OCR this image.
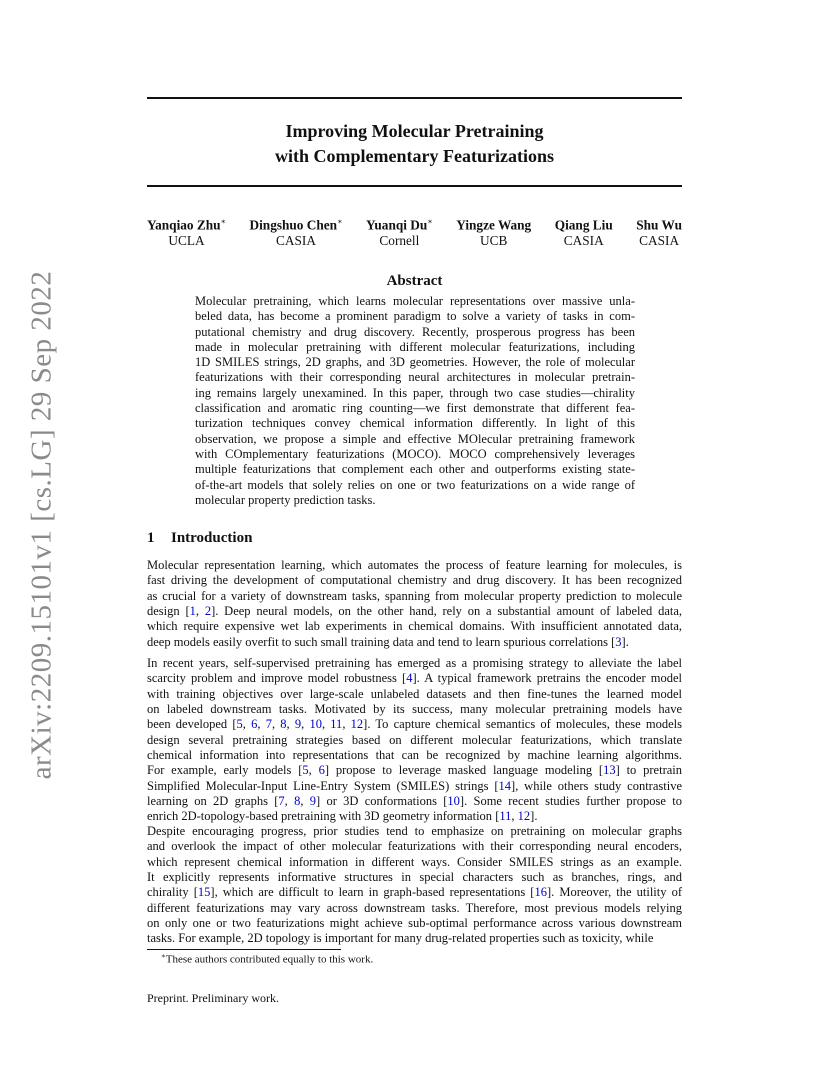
arXiv:2209.15101v1 [cs.LG] 29 Sep 2022
Improving Molecular Pretraining
with Complementary Featurizations
Yanqiao Zhu∗
UCLA
Dingshuo Chen∗
CASIA
Yuanqi Du∗
Cornell
Yingze Wang
UCB
Qiang Liu
CASIA
Shu Wu
CASIA
Abstract
Molecular pretraining, which learns molecular representations over massive unla-
beled data, has become a prominent paradigm to solve a variety of tasks in com-
putational chemistry and drug discovery. Recently, prosperous progress has been
made in molecular pretraining with different molecular featurizations, including
1D SMILES strings, 2D graphs, and 3D geometries. However, the role of molecular
featurizations with their corresponding neural architectures in molecular pretrain-
ing remains largely unexamined. In this paper, through two case studies—chirality
classification and aromatic ring counting—we first demonstrate that different fea-
turization techniques convey chemical information differently. In light of this
observation, we propose a simple and effective MOlecular pretraining framework
with COmplementary featurizations (MOCO). MOCO comprehensively leverages
multiple featurizations that complement each other and outperforms existing state-
of-the-art models that solely relies on one or two featurizations on a wide range of
molecular property prediction tasks.
1 Introduction
Molecular representation learning, which automates the process of feature learning for molecules, is
fast driving the development of computational chemistry and drug discovery. It has been recognized
as crucial for a variety of downstream tasks, spanning from molecular property prediction to molecule
design [1, 2]. Deep neural models, on the other hand, rely on a substantial amount of labeled data,
which require expensive wet lab experiments in chemical domains. With insufficient annotated data,
deep models easily overfit to such small training data and tend to learn spurious correlations [3].
In recent years, self-supervised pretraining has emerged as a promising strategy to alleviate the label
scarcity problem and improve model robustness [4]. A typical framework pretrains the encoder model
with training objectives over large-scale unlabeled datasets and then fine-tunes the learned model
on labeled downstream tasks. Motivated by its success, many molecular pretraining models have
been developed [5, 6, 7, 8, 9, 10, 11, 12]. To capture chemical semantics of molecules, these models
design several pretraining strategies based on different molecular featurizations, which translate
chemical information into representations that can be recognized by machine learning algorithms.
For example, early models [5, 6] propose to leverage masked language modeling [13] to pretrain
Simplified Molecular-Input Line-Entry System (SMILES) strings [14], while others study contrastive
learning on 2D graphs [7, 8, 9] or 3D conformations [10]. Some recent studies further propose to
enrich 2D-topology-based pretraining with 3D geometry information [11, 12].
Despite encouraging progress, prior studies tend to emphasize on pretraining on molecular graphs
and overlook the impact of other molecular featurizations with their corresponding neural encoders,
which represent chemical information in different ways. Consider SMILES strings as an example.
It explicitly represents informative structures in special characters such as branches, rings, and
chirality [15], which are difficult to learn in graph-based representations [16]. Moreover, the utility of
different featurizations may vary across downstream tasks. Therefore, most previous models relying
on only one or two featurizations might achieve sub-optimal performance across various downstream
tasks. For example, 2D topology is important for many drug-related properties such as toxicity, while
∗These authors contributed equally to this work.
Preprint. Preliminary work.
